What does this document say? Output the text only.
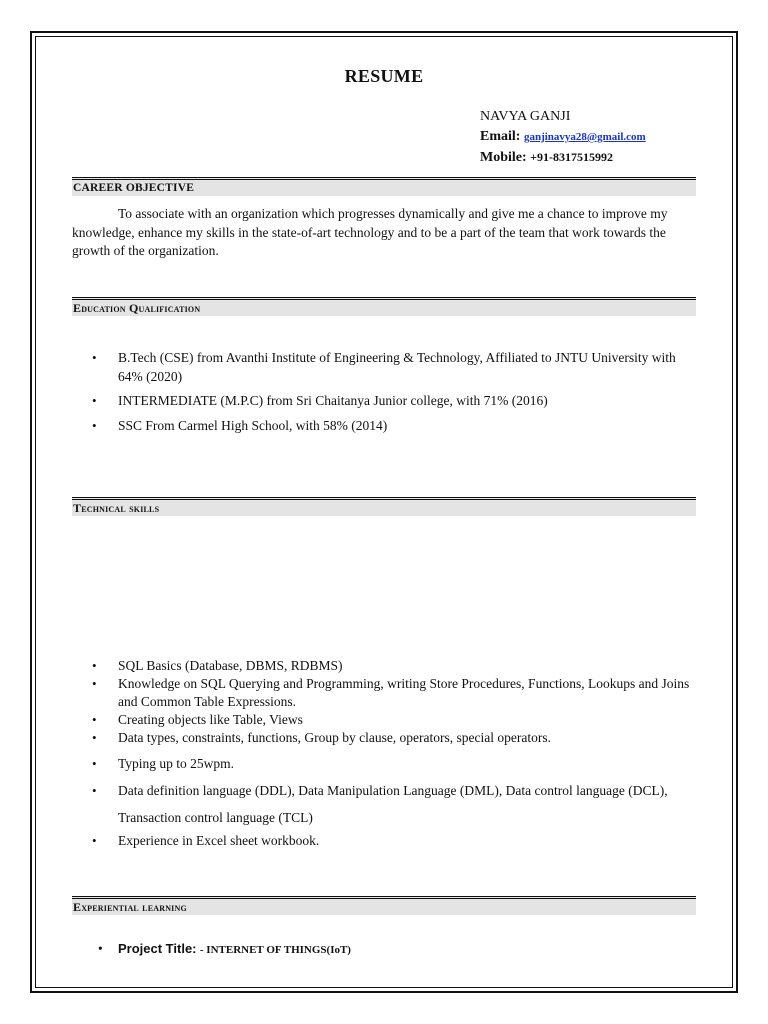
RESUME
NAVYA GANJI
Email: ganjinavya28@gmail.com
Mobile: +91-8317515992
CAREER OBJECTIVE
To associate with an organization which progresses dynamically and give me a chance to improve my knowledge, enhance my skills in the state-of-art technology and to be a part of the team that work towards the growth of the organization.
Education Qualification
• B.Tech (CSE) from Avanthi Institute of Engineering & Technology, Affiliated to JNTU University with 64% (2020)
• INTERMEDIATE (M.P.C) from Sri Chaitanya Junior college, with 71% (2016)
• SSC From Carmel High School, with 58% (2014)
Technical skills
• SQL Basics (Database, DBMS, RDBMS)
• Knowledge on SQL Querying and Programming, writing Store Procedures, Functions, Lookups and Joins and Common Table Expressions.
• Creating objects like Table, Views
• Data types, constraints, functions, Group by clause, operators, special operators.
• Typing up to 25wpm.
• Data definition language (DDL), Data Manipulation Language (DML), Data control language (DCL), Transaction control language (TCL)
• Experience in Excel sheet workbook.
Experiential learning
• Project Title: - INTERNET OF THINGS(IoT)
